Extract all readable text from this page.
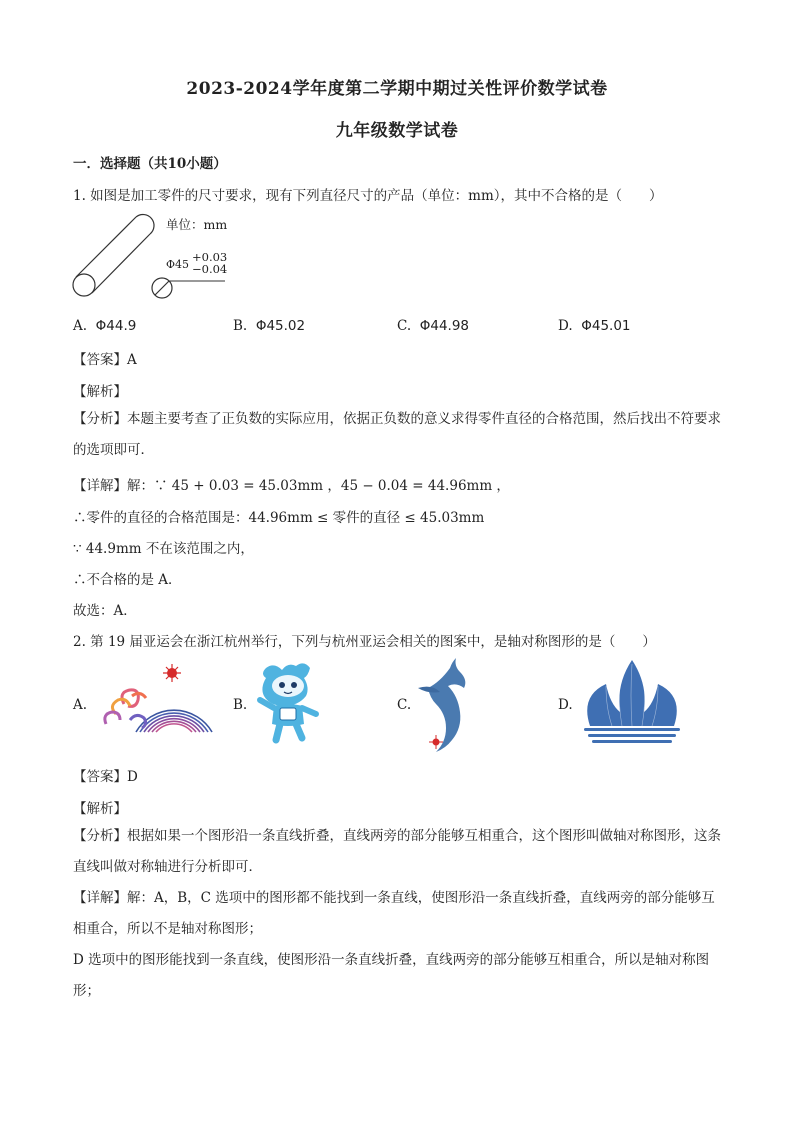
2023-2024学年度第二学期中期过关性评价数学试卷
九年级数学试卷
一．选择题（共10小题）
1. 如图是加工零件的尺寸要求，现有下列直径尺寸的产品（单位：mm），其中不合格的是（　　）
单位：mm
Φ45
+0.03
−0.04
A. Φ44.9	B. Φ45.02	C. Φ44.98	D. Φ45.01
【答案】A
【解析】
【分析】本题主要考查了正负数的实际应用，依据正负数的意义求得零件直径的合格范围，然后找出不符要求的选项即可．
【详解】解：∵ 45 + 0.03 = 45.03mm ，45 − 0.04 = 44.96mm ，
∴零件的直径的合格范围是：44.96mm ≤ 零件的直径 ≤ 45.03mm
∵ 44.9mm 不在该范围之内，
∴不合格的是 A．
故选：A．
2. 第 19 届亚运会在浙江杭州举行，下列与杭州亚运会相关的图案中，是轴对称图形的是（　　）
A.	B.	C.	D.
【答案】D
【解析】
【分析】根据如果一个图形沿一条直线折叠，直线两旁的部分能够互相重合，这个图形叫做轴对称图形，这条直线叫做对称轴进行分析即可．
【详解】解：A，B，C 选项中的图形都不能找到一条直线，使图形沿一条直线折叠，直线两旁的部分能够互相重合，所以不是轴对称图形；
D 选项中的图形能找到一条直线，使图形沿一条直线折叠，直线两旁的部分能够互相重合，所以是轴对称图形；
